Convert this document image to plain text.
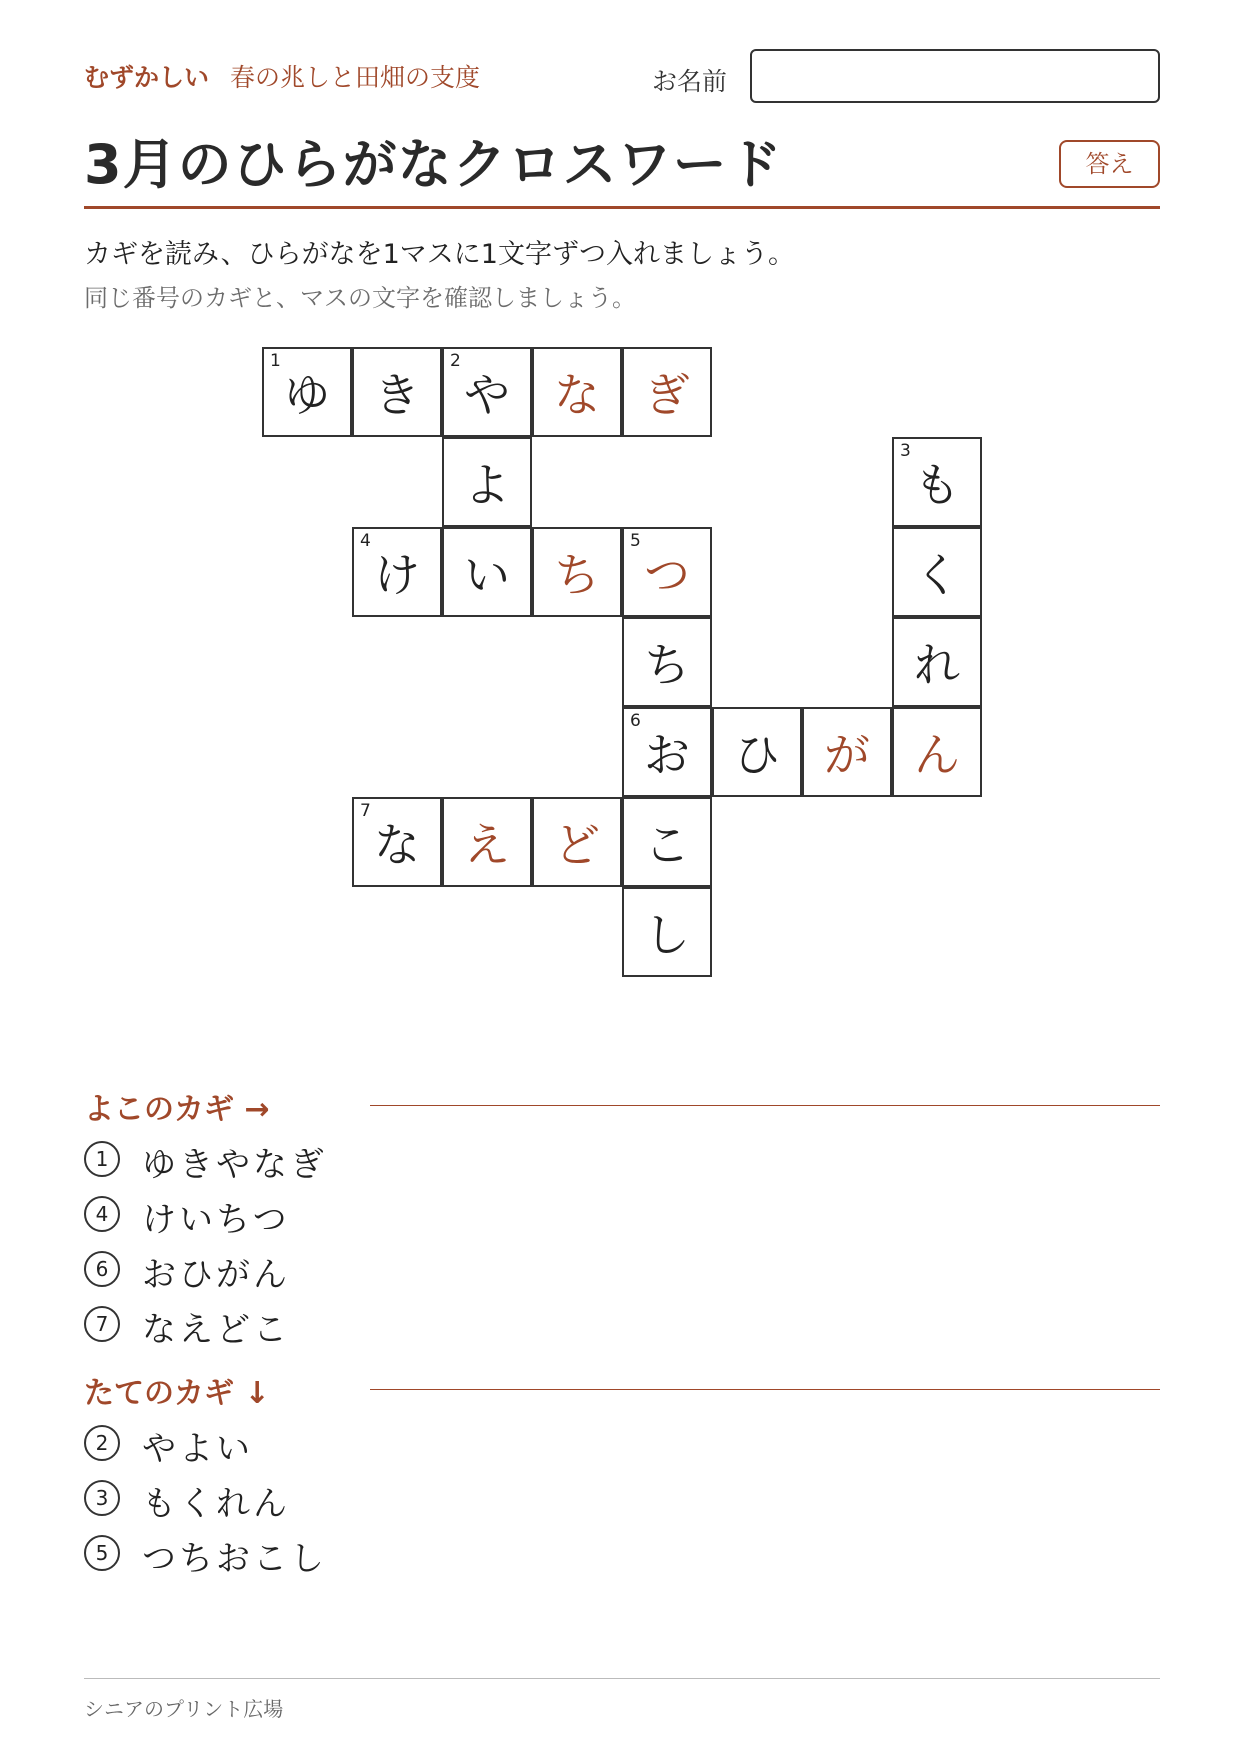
むずかしい 春の兆しと田畑の支度	お名前
3月のひらがなクロスワード	答え
カギを読み、ひらがなを1マスに1文字ずつ入れましょう。
同じ番号のカギと、マスの文字を確認しましょう。
1
ゆ き
2
や な ぎ
よ
3
も
4
け い ち
5
つ	く
ち	れ
6
お ひ が ん
7
な え ど こ
し
よこのカギ →
1 ゆきやなぎ
4 けいちつ
6 おひがん
7 なえどこ
たてのカギ ↓
2 やよい
3 もくれん
5 つちおこし
シニアのプリント広場
